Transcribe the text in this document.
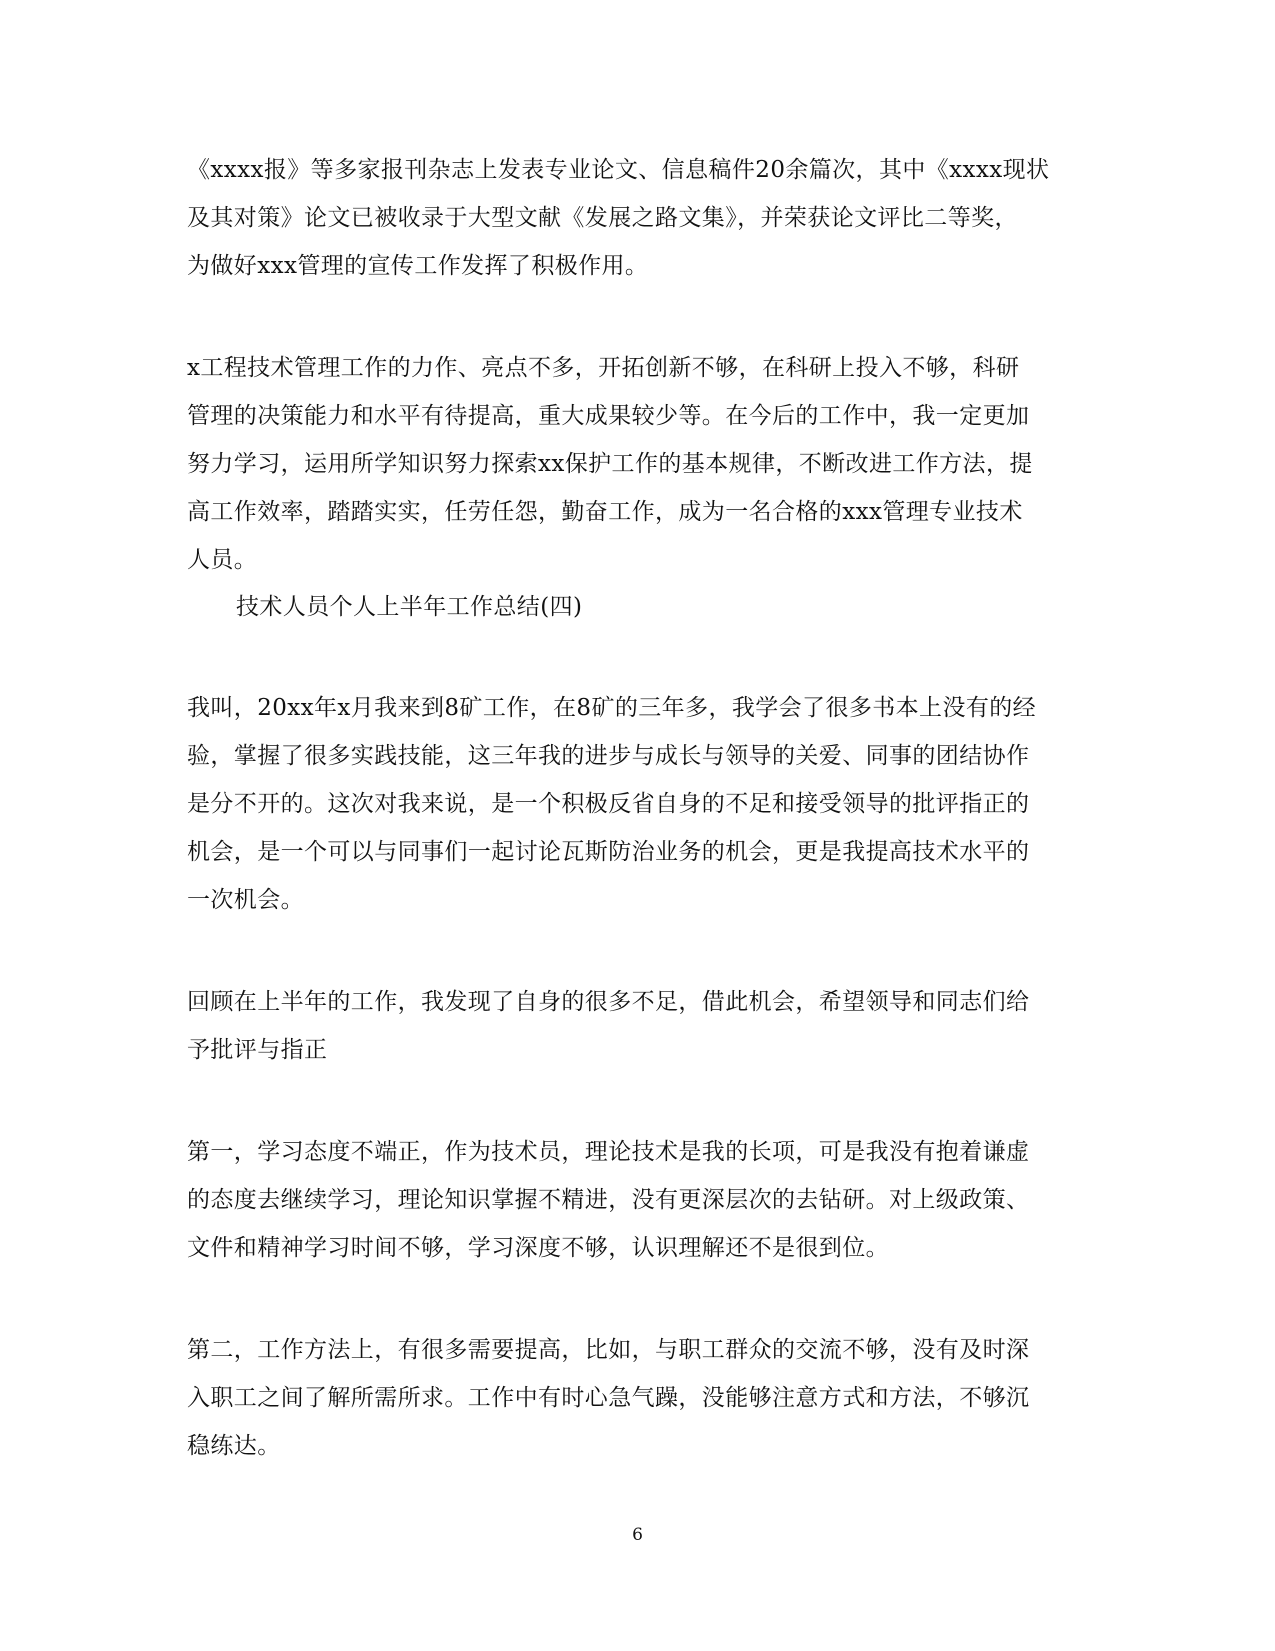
《xxxx报》等多家报刊杂志上发表专业论文、信息稿件20余篇次，其中《xxxx现状
及其对策》论文已被收录于大型文献《发展之路文集》，并荣获论文评比二等奖，
为做好xxx管理的宣传工作发挥了积极作用。
x工程技术管理工作的力作、亮点不多，开拓创新不够，在科研上投入不够，科研
管理的决策能力和水平有待提高，重大成果较少等。在今后的工作中，我一定更加
努力学习，运用所学知识努力探索xx保护工作的基本规律，不断改进工作方法，提
高工作效率，踏踏实实，任劳任怨，勤奋工作，成为一名合格的xxx管理专业技术
人员。
技术人员个人上半年工作总结(四)
我叫，20xx年x月我来到8矿工作，在8矿的三年多，我学会了很多书本上没有的经
验，掌握了很多实践技能，这三年我的进步与成长与领导的关爱、同事的团结协作
是分不开的。这次对我来说，是一个积极反省自身的不足和接受领导的批评指正的
机会，是一个可以与同事们一起讨论瓦斯防治业务的机会，更是我提高技术水平的
一次机会。
回顾在上半年的工作，我发现了自身的很多不足，借此机会，希望领导和同志们给
予批评与指正
第一，学习态度不端正，作为技术员，理论技术是我的长项，可是我没有抱着谦虚
的态度去继续学习，理论知识掌握不精进，没有更深层次的去钻研。对上级政策、
文件和精神学习时间不够，学习深度不够，认识理解还不是很到位。
第二，工作方法上，有很多需要提高，比如，与职工群众的交流不够，没有及时深
入职工之间了解所需所求。工作中有时心急气躁，没能够注意方式和方法，不够沉
稳练达。
6
